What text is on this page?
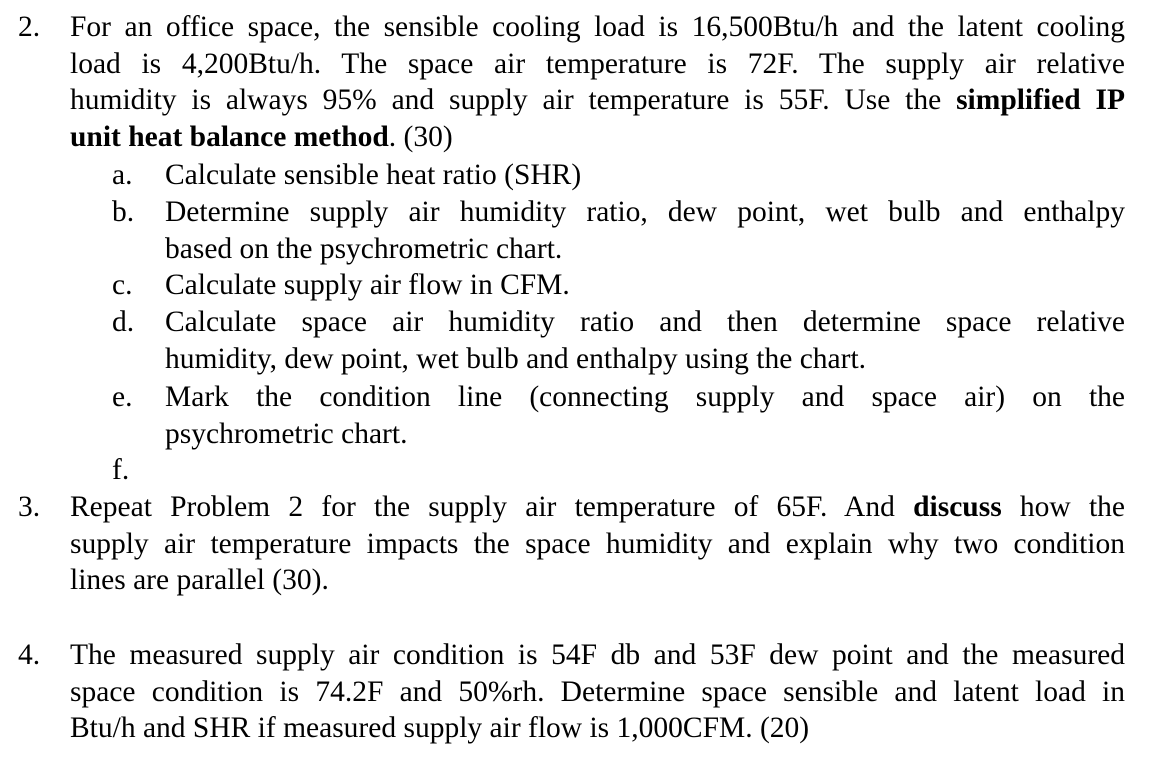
2. For an office space, the sensible cooling load is 16,500Btu/h and the latent cooling
load is 4,200Btu/h. The space air temperature is 72F. The supply air relative
humidity is always 95% and supply air temperature is 55F. Use the simplified IP
unit heat balance method. (30)
a. Calculate sensible heat ratio (SHR)
b. Determine supply air humidity ratio, dew point, wet bulb and enthalpy
based on the psychrometric chart.
c. Calculate supply air flow in CFM.
d. Calculate space air humidity ratio and then determine space relative
humidity, dew point, wet bulb and enthalpy using the chart.
e. Mark the condition line (connecting supply and space air) on the
psychrometric chart.
f.
3. Repeat Problem 2 for the supply air temperature of 65F. And discuss how the
supply air temperature impacts the space humidity and explain why two condition
lines are parallel (30).
4. The measured supply air condition is 54F db and 53F dew point and the measured
space condition is 74.2F and 50%rh. Determine space sensible and latent load in
Btu/h and SHR if measured supply air flow is 1,000CFM. (20)
